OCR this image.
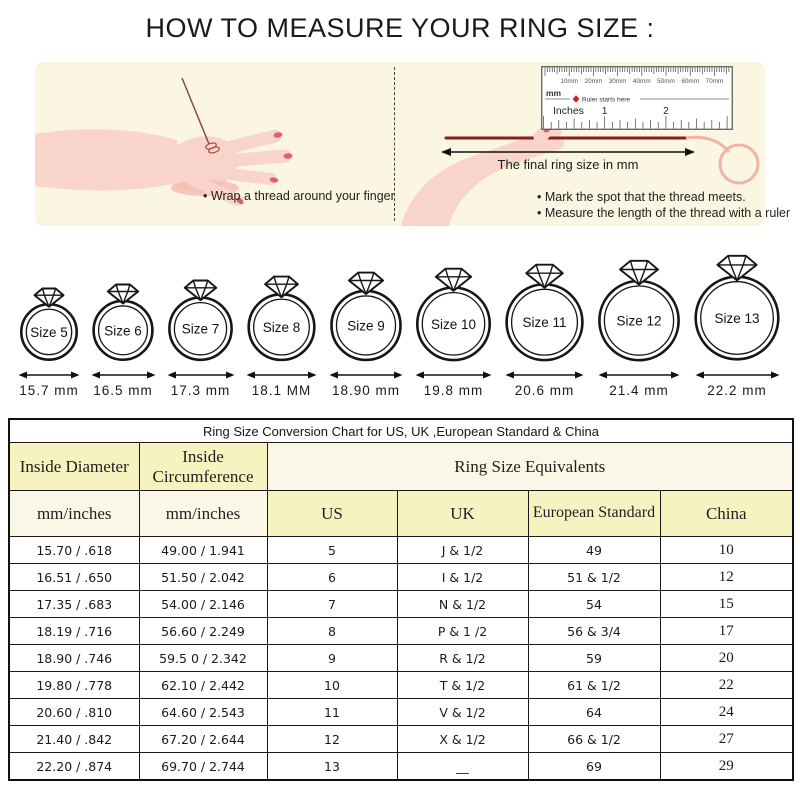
HOW TO MEASURE YOUR RING SIZE :
• Wrap a thread around your finger
10mm 20mm 30mm 40mm 50mm 60mm 70mm
mm
Ruler starts here
Inches 1	2
The final ring size in mm
• Mark the spot that the thread meets.
• Measure the length of the thread with a ruler
Size 5
15.7 mm
Size 6
16.5 mm
Size 7
17.3 mm
Size 8
18.1 MM
Size 9
18.90 mm
Size 10
19.8 mm
Size 11
20.6 mm
Size 12
21.4 mm
Size 13
22.2 mm
Ring Size Conversion Chart for US, UK ,European Standard & China					
Inside Diameter	Inside Circumference	Ring Size Equivalents			
mm/inches	mm/inches	US	UK	European Standard	China
15.70 / .618	49.00 / 1.941	5	J & 1/2	49	10
16.51 / .650	51.50 / 2.042	6	I & 1/2	51 & 1/2	12
17.35 / .683	54.00 / 2.146	7	N & 1/2	54	15
18.19 / .716	56.60 / 2.249	8	P & 1 /2	56 & 3/4	17
18.90 / .746	59.5 0 / 2.342	9	R & 1/2	59	20
19.80 / .778	62.10 / 2.442	10	T & 1/2	61 & 1/2	22
20.60 / .810	64.60 / 2.543	11	V & 1/2	64	24
21.40 / .842	67.20 / 2.644	12	X & 1/2	66 & 1/2	27
22.20 / .874	69.70 / 2.744	13	__	69	29
